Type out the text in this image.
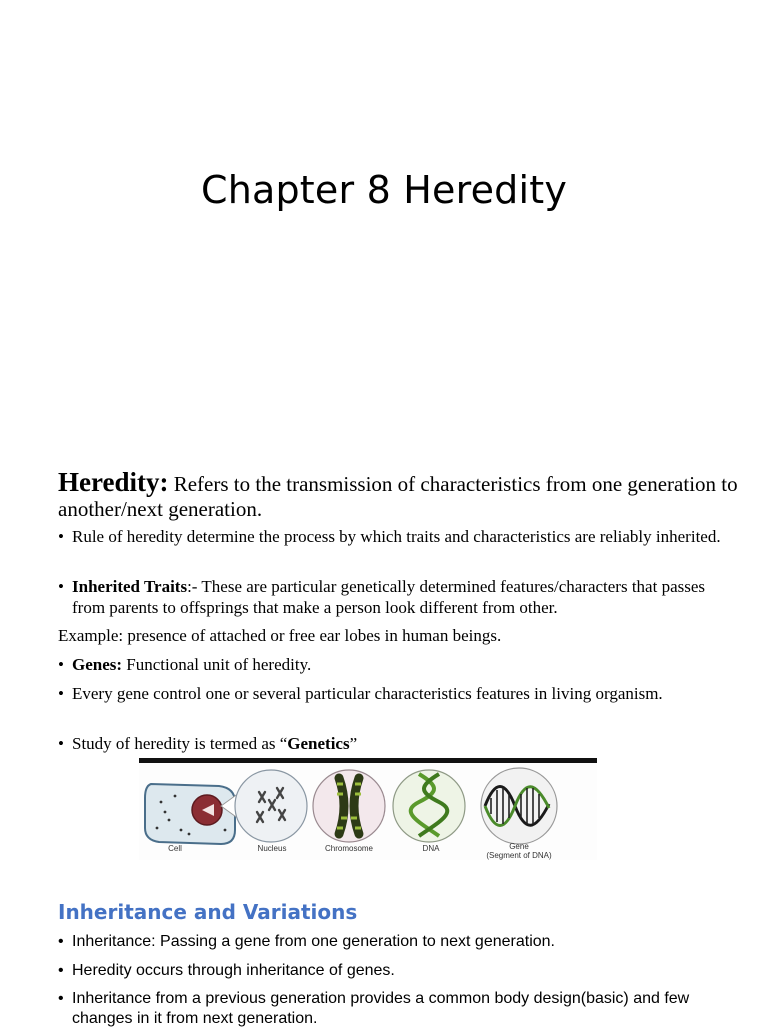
Chapter 8 Heredity
Heredity: Refers to the transmission of characteristics from one generation to another/next generation.
• Rule of heredity determine the process by which traits and characteristics are reliably inherited.
• Inherited Traits:- These are particular genetically determined features/characters that passes from parents to offsprings that make a person look different from other.
Example: presence of attached or free ear lobes in human beings.
• Genes: Functional unit of heredity.
• Every gene control one or several particular characteristics features in living organism.
• Study of heredity is termed as “Genetics”
Cell	Nucleus	Chromosome	DNA	Gene
(Segment of DNA)
Inheritance and Variations
• Inheritance: Passing a gene from one generation to next generation.
• Heredity occurs through inheritance of genes.
• Inheritance from a previous generation provides a common body design(basic) and few changes in it from next generation.
